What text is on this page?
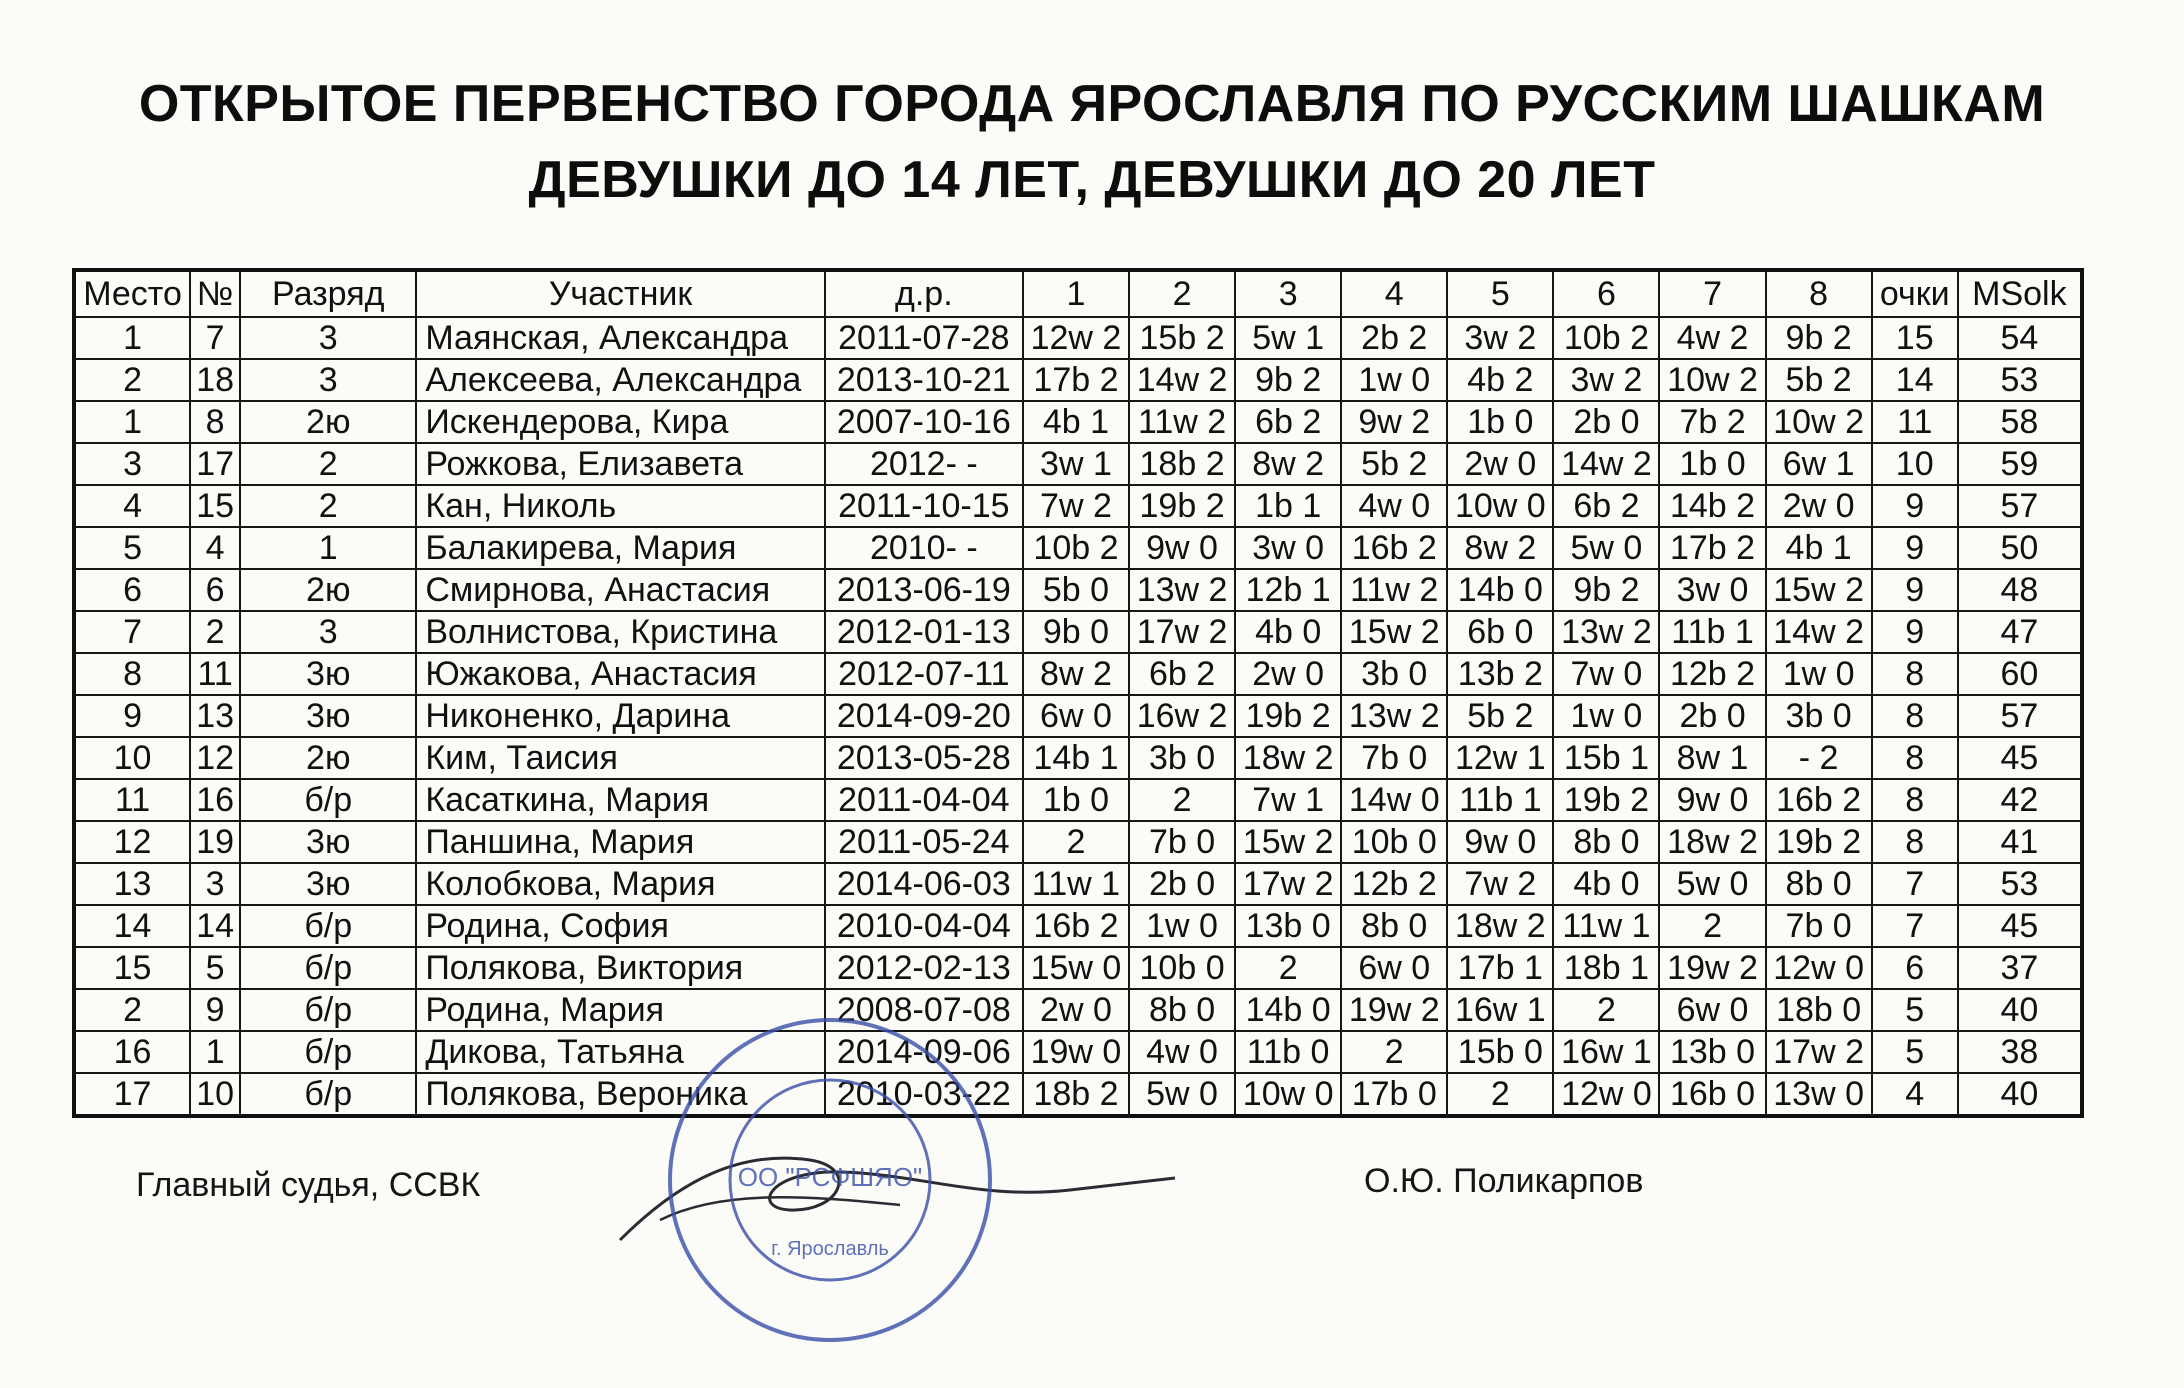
ОТКРЫТОЕ ПЕРВЕНСТВО ГОРОДА ЯРОСЛАВЛЯ ПО РУССКИМ ШАШКАМ
ДЕВУШКИ ДО 14 ЛЕТ, ДЕВУШКИ ДО 20 ЛЕТ
Место	№	Разряд	Участник	д.р.	1	2	3	4	5	6	7	8	очки	MSolk
1	7	3	Маянская, Александра	2011-07-28	12w 2	15b 2	5w 1	2b 2	3w 2	10b 2	4w 2	9b 2	15	54
2	18	3	Алексеева, Александра	2013-10-21	17b 2	14w 2	9b 2	1w 0	4b 2	3w 2	10w 2	5b 2	14	53
1	8	2ю	Искендерова, Кира	2007-10-16	4b 1	11w 2	6b 2	9w 2	1b 0	2b 0	7b 2	10w 2	11	58
3	17	2	Рожкова, Елизавета	2012- -	3w 1	18b 2	8w 2	5b 2	2w 0	14w 2	1b 0	6w 1	10	59
4	15	2	Кан, Николь	2011-10-15	7w 2	19b 2	1b 1	4w 0	10w 0	6b 2	14b 2	2w 0	9	57
5	4	1	Балакирева, Мария	2010- -	10b 2	9w 0	3w 0	16b 2	8w 2	5w 0	17b 2	4b 1	9	50
6	6	2ю	Смирнова, Анастасия	2013-06-19	5b 0	13w 2	12b 1	11w 2	14b 0	9b 2	3w 0	15w 2	9	48
7	2	3	Волнистова, Кристина	2012-01-13	9b 0	17w 2	4b 0	15w 2	6b 0	13w 2	11b 1	14w 2	9	47
8	11	3ю	Южакова, Анастасия	2012-07-11	8w 2	6b 2	2w 0	3b 0	13b 2	7w 0	12b 2	1w 0	8	60
9	13	3ю	Никоненко, Дарина	2014-09-20	6w 0	16w 2	19b 2	13w 2	5b 2	1w 0	2b 0	3b 0	8	57
10	12	2ю	Ким, Таисия	2013-05-28	14b 1	3b 0	18w 2	7b 0	12w 1	15b 1	8w 1	- 2	8	45
11	16	б/р	Касаткина, Мария	2011-04-04	1b 0	2	7w 1	14w 0	11b 1	19b 2	9w 0	16b 2	8	42
12	19	3ю	Паншина, Мария	2011-05-24	2	7b 0	15w 2	10b 0	9w 0	8b 0	18w 2	19b 2	8	41
13	3	3ю	Колобкова, Мария	2014-06-03	11w 1	2b 0	17w 2	12b 2	7w 2	4b 0	5w 0	8b 0	7	53
14	14	б/р	Родина, София	2010-04-04	16b 2	1w 0	13b 0	8b 0	18w 2	11w 1	2	7b 0	7	45
15	5	б/р	Полякова, Виктория	2012-02-13	15w 0	10b 0	2	6w 0	17b 1	18b 1	19w 2	12w 0	6	37
2	9	б/р	Родина, Мария	2008-07-08	2w 0	8b 0	14b 0	19w 2	16w 1	2	6w 0	18b 0	5	40
16	1	б/р	Дикова, Татьяна	2014-09-06	19w 0	4w 0	11b 0	2	15b 0	16w 1	13b 0	17w 2	5	38
17	10	б/р	Полякова, Вероника	2010-03-22	18b 2	5w 0	10w 0	17b 0	2	12w 0	16b 0	13w 0	4	40
ОО "РСФШЯО"
г. Ярославль
Главный судья, ССВК	О.Ю. Поликарпов
